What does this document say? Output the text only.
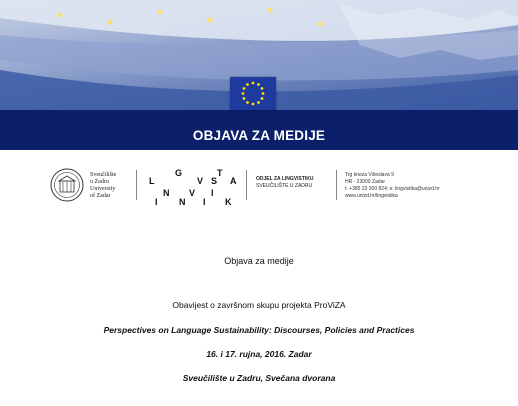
OBJAVA ZA MEDIJE
Sveučilište
u Zadru
University
of Zadar
L
G
V S
T
A
N V I
I N I K
ODJEL ZA LINGVISTIKU
SVEUČILIŠTE U ZADRU
Trg kneza Višeslava 9
HR - 23000 Zadar
t: +385 23 200 824; e: lingvistika@unizd.hr
www.unizd.hr/lingvistika
Objava za medije
Obavijest o završnom skupu projekta ProViZA
Perspectives on Language Sustainability: Discourses, Policies and Practices
16. i 17. rujna, 2016. Zadar
Sveučilište u Zadru, Svečana dvorana
